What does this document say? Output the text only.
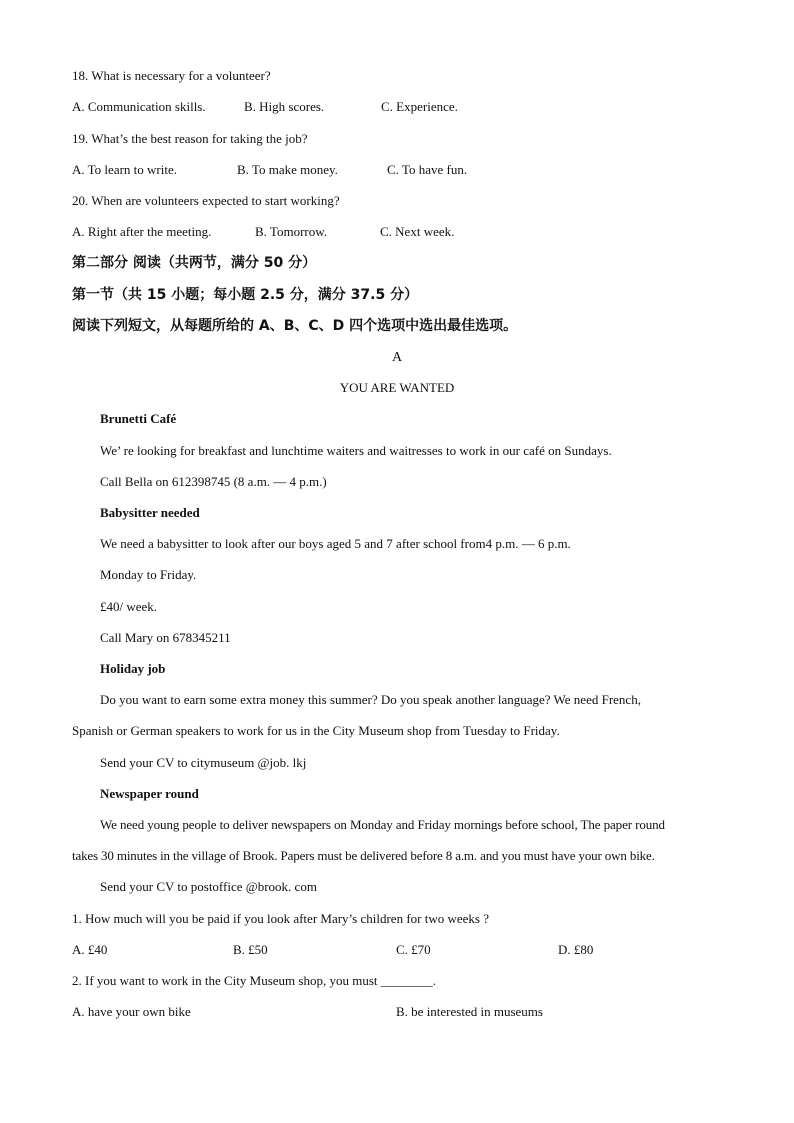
18. What is necessary for a volunteer?
A. Communication skills.	B. High scores.	C. Experience.
19. What’s the best reason for taking the job?
A. To learn to write.	B. To make money.	C. To have fun.
20. When are volunteers expected to start working?
A. Right after the meeting.	B. Tomorrow.	C. Next week.
第二部分 阅读（共两节，满分 50 分）
第一节（共 15 小题；每小题 2.5 分，满分 37.5 分）
阅读下列短文，从每题所给的 A、B、C、D 四个选项中选出最佳选项。
A
YOU ARE WANTED
Brunetti Café
We’ re looking for breakfast and lunchtime waiters and waitresses to work in our café on Sundays.
Call Bella on 612398745 (8 a.m. — 4 p.m.)
Babysitter needed
We need a babysitter to look after our boys aged 5 and 7 after school from4 p.m. — 6 p.m.
Monday to Friday.
£40/ week.
Call Mary on 678345211
Holiday job
Do you want to earn some extra money this summer? Do you speak another language? We need French,
Spanish or German speakers to work for us in the City Museum shop from Tuesday to Friday.
Send your CV to citymuseum @job. lkj
Newspaper round
We need young people to deliver newspapers on Monday and Friday mornings before school, The paper round
takes 30 minutes in the village of Brook. Papers must be delivered before 8 a.m. and you must have your own bike.
Send your CV to postoffice @brook. com
1. How much will you be paid if you look after Mary’s children for two weeks ?
A. £40	B. £50	C. £70	D. £80
2. If you want to work in the City Museum shop, you must ________.
A. have your own bike	B. be interested in museums
